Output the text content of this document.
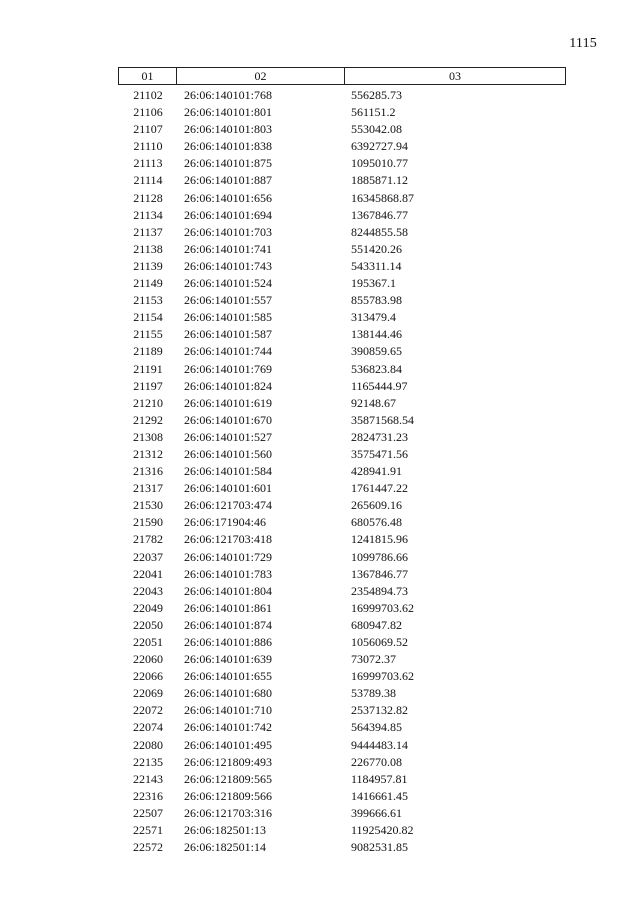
1115
01	02	03
21102	26:06:140101:768	556285.73
21106	26:06:140101:801	561151.2
21107	26:06:140101:803	553042.08
21110	26:06:140101:838	6392727.94
21113	26:06:140101:875	1095010.77
21114	26:06:140101:887	1885871.12
21128	26:06:140101:656	16345868.87
21134	26:06:140101:694	1367846.77
21137	26:06:140101:703	8244855.58
21138	26:06:140101:741	551420.26
21139	26:06:140101:743	543311.14
21149	26:06:140101:524	195367.1
21153	26:06:140101:557	855783.98
21154	26:06:140101:585	313479.4
21155	26:06:140101:587	138144.46
21189	26:06:140101:744	390859.65
21191	26:06:140101:769	536823.84
21197	26:06:140101:824	1165444.97
21210	26:06:140101:619	92148.67
21292	26:06:140101:670	35871568.54
21308	26:06:140101:527	2824731.23
21312	26:06:140101:560	3575471.56
21316	26:06:140101:584	428941.91
21317	26:06:140101:601	1761447.22
21530	26:06:121703:474	265609.16
21590	26:06:171904:46	680576.48
21782	26:06:121703:418	1241815.96
22037	26:06:140101:729	1099786.66
22041	26:06:140101:783	1367846.77
22043	26:06:140101:804	2354894.73
22049	26:06:140101:861	16999703.62
22050	26:06:140101:874	680947.82
22051	26:06:140101:886	1056069.52
22060	26:06:140101:639	73072.37
22066	26:06:140101:655	16999703.62
22069	26:06:140101:680	53789.38
22072	26:06:140101:710	2537132.82
22074	26:06:140101:742	564394.85
22080	26:06:140101:495	9444483.14
22135	26:06:121809:493	226770.08
22143	26:06:121809:565	1184957.81
22316	26:06:121809:566	1416661.45
22507	26:06:121703:316	399666.61
22571	26:06:182501:13	11925420.82
22572	26:06:182501:14	9082531.85
